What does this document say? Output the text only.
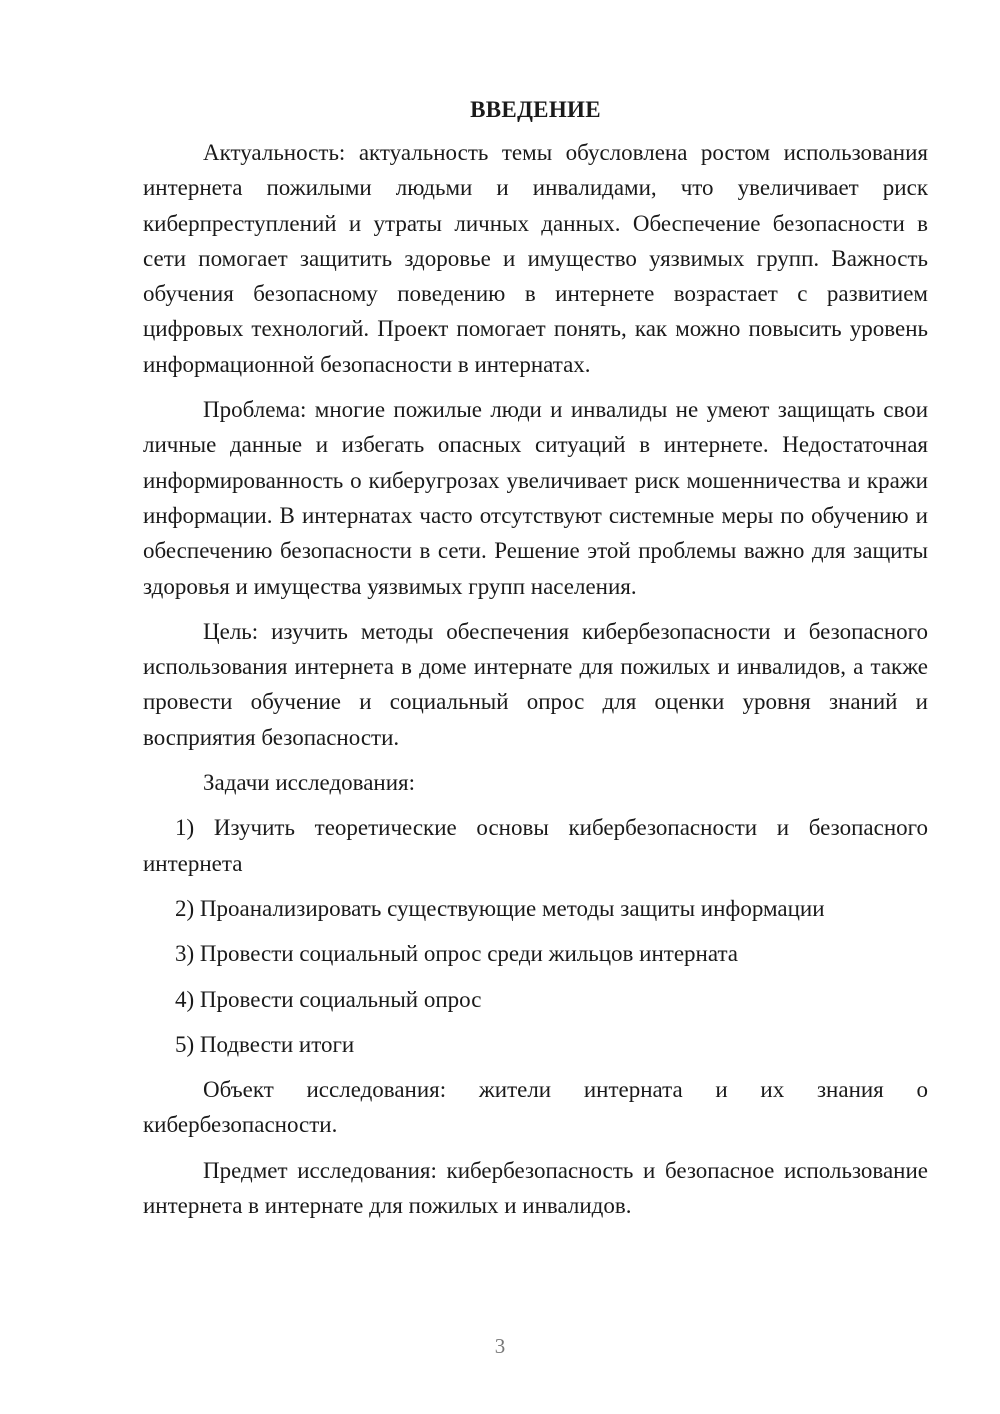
ВВЕДЕНИЕ

Актуальность: актуальность темы обусловлена ростом использования интернета пожилыми людьми и инвалидами, что увеличивает риск киберпреступлений и утраты личных данных. Обеспечение безопасности в сети помогает защитить здоровье и имущество уязвимых групп. Важность обучения безопасному поведению в интернете возрастает с развитием цифровых технологий. Проект помогает понять, как можно повысить уровень информационной безопасности в интернатах.

Проблема: многие пожилые люди и инвалиды не умеют защищать свои личные данные и избегать опасных ситуаций в интернете. Недостаточная информированность о киберугрозах увеличивает риск мошенничества и кражи информации. В интернатах часто отсутствуют системные меры по обучению и обеспечению безопасности в сети. Решение этой проблемы важно для защиты здоровья и имущества уязвимых групп населения.

Цель: изучить методы обеспечения кибербезопасности и безопасного использования интернета в доме интернате для пожилых и инвалидов, а также провести обучение и социальный опрос для оценки уровня знаний и восприятия безопасности.

Задачи исследования:

1) Изучить теоретические основы кибербезопасности и безопасного интернета

2) Проанализировать существующие методы защиты информации

3) Провести социальный опрос среди жильцов интерната

4) Провести социальный опрос

5) Подвести итоги

Объект исследования: жители интерната и их знания о кибербезопасности.

Предмет исследования: кибербезопасность и безопасное использование интернета в интернате для пожилых и инвалидов.

3
